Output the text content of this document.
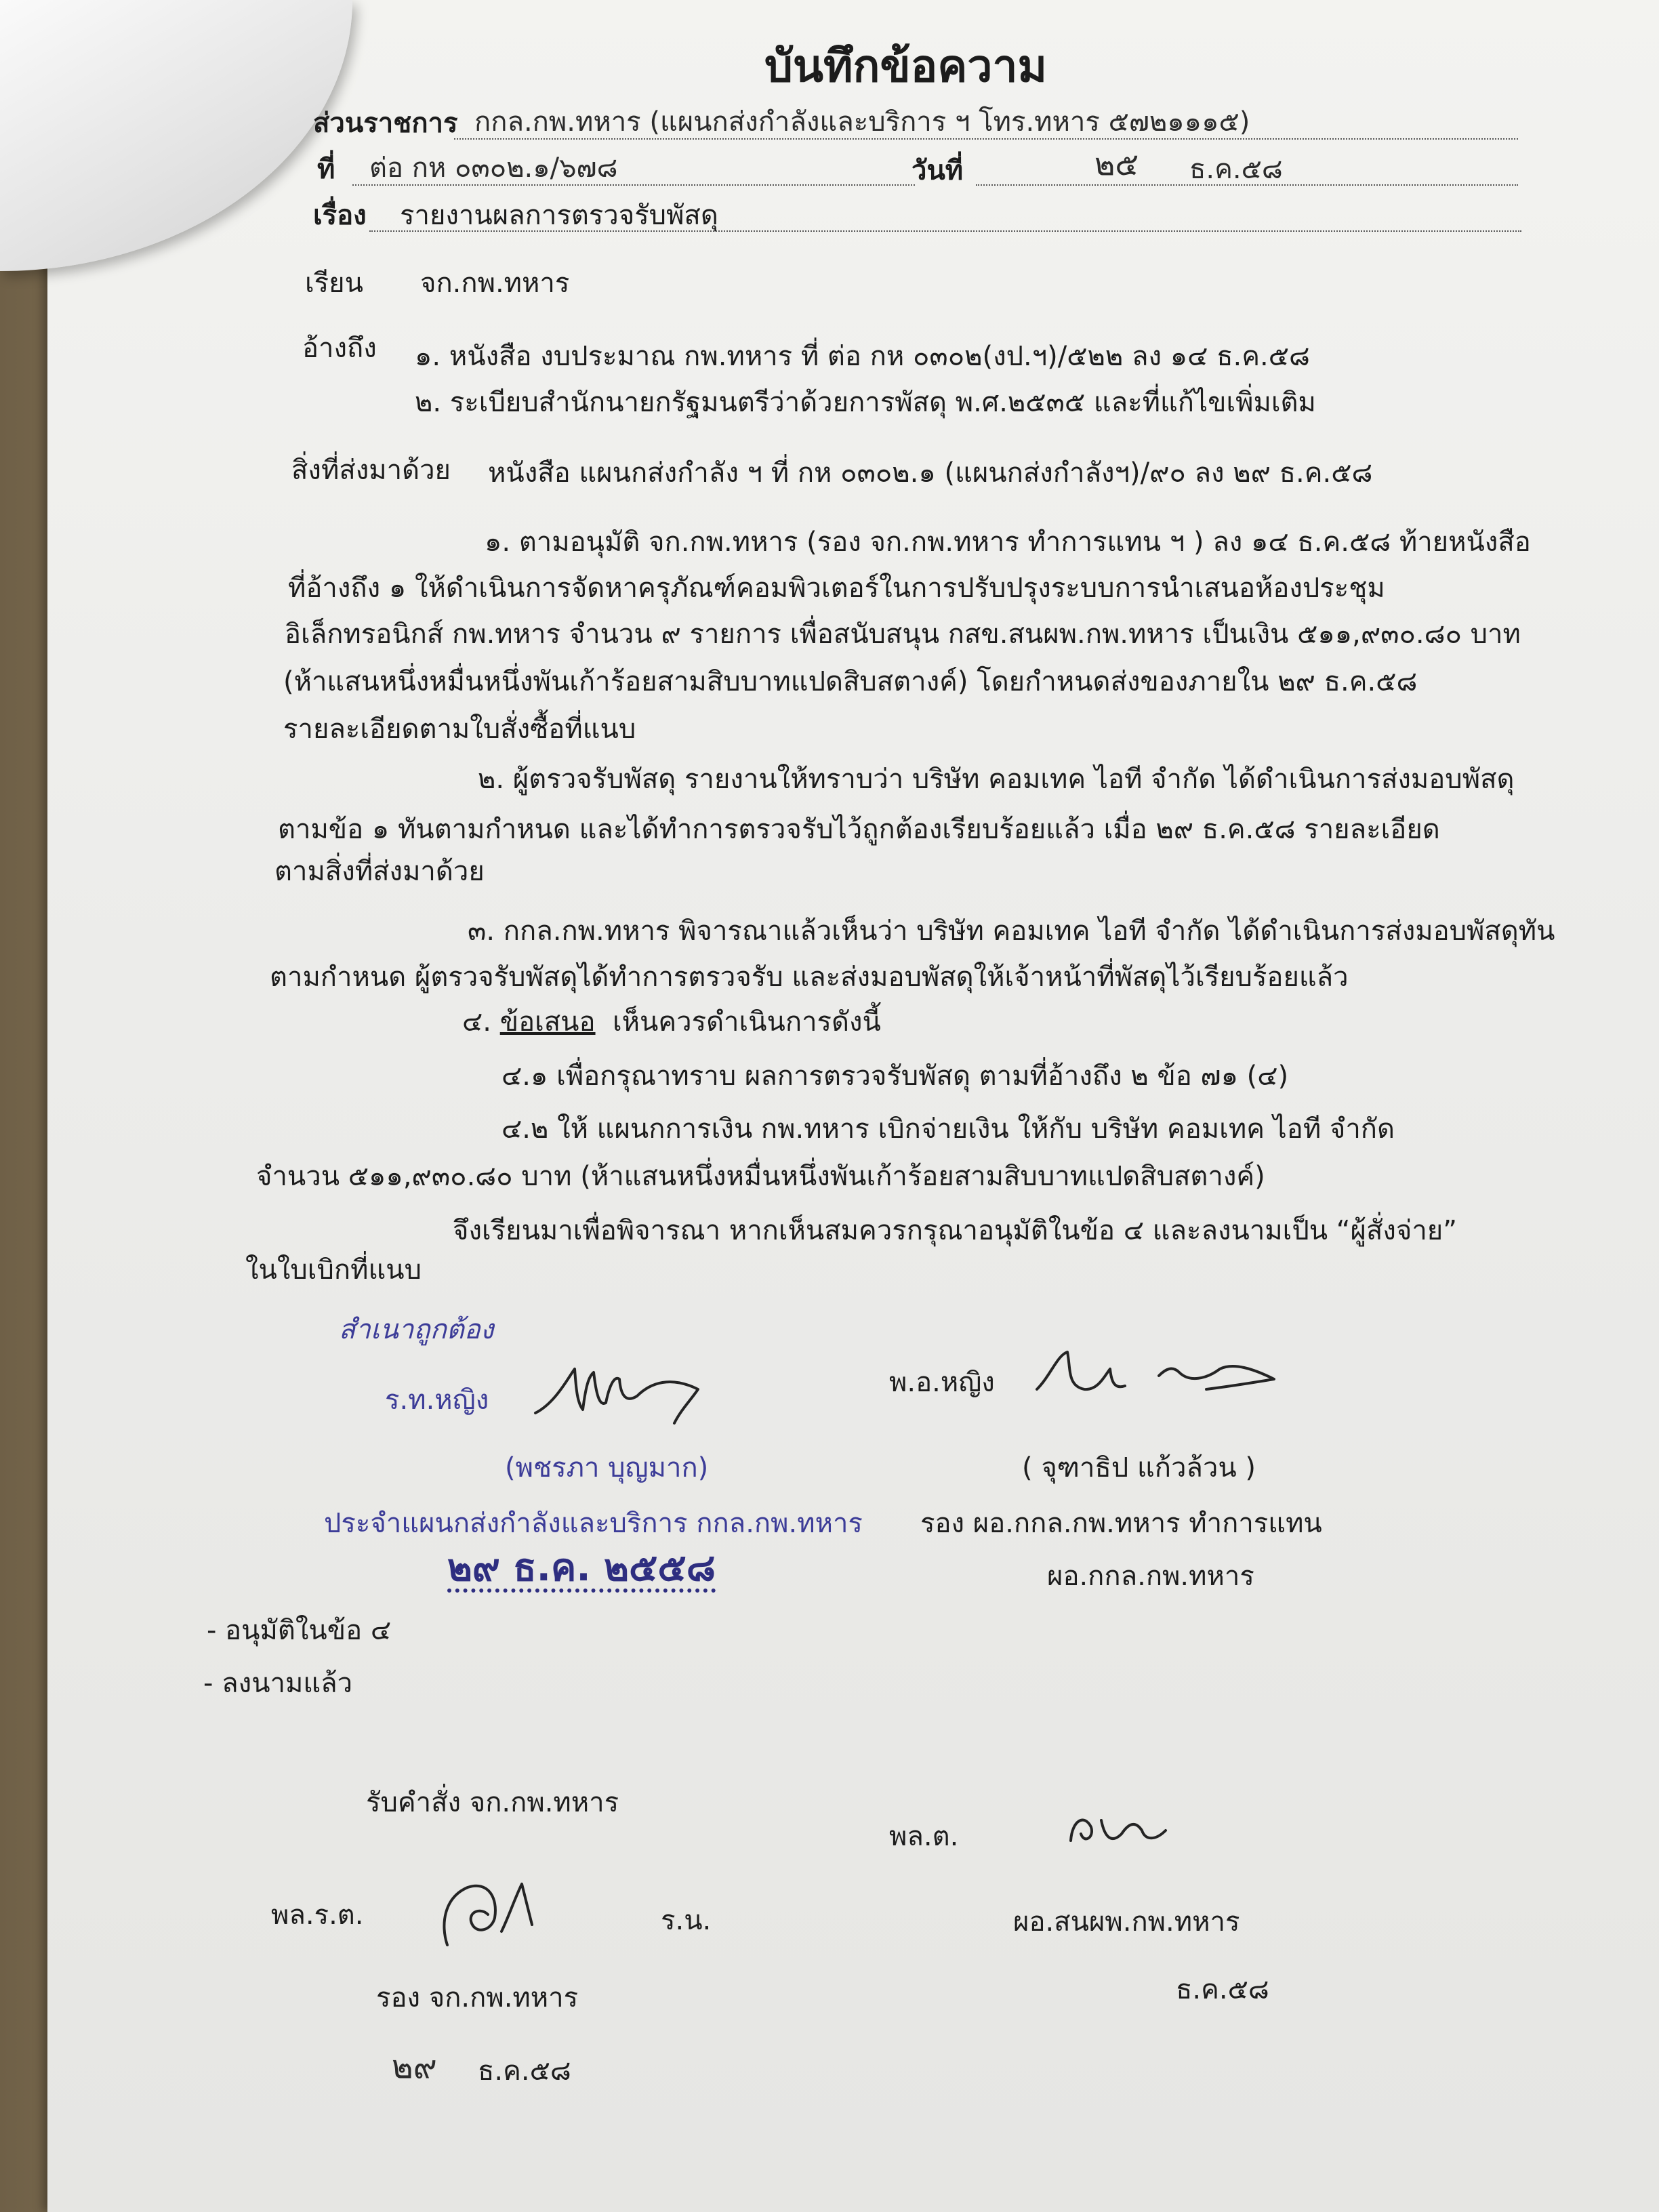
บันทึกข้อความ
ส่วนราชการ กกล.กพ.ทหาร (แผนกส่งกำลังและบริการ ฯ โทร.ทหาร ๕๗๒๑๑๑๕)
ที่ ต่อ กห ๐๓๐๒.๑/๖๗๘	วันที่	๒๕ ธ.ค.๕๘
เรื่อง รายงานผลการตรวจรับพัสดุ
เรียน จก.กพ.ทหาร
อ้างถึง ๑. หนังสือ งบประมาณ กพ.ทหาร ที่ ต่อ กห ๐๓๐๒(งป.ฯ)/๕๒๒ ลง ๑๔ ธ.ค.๕๘
๒. ระเบียบสำนักนายกรัฐมนตรีว่าด้วยการพัสดุ พ.ศ.๒๕๓๕ และที่แก้ไขเพิ่มเติม
สิ่งที่ส่งมาด้วย หนังสือ แผนกส่งกำลัง ฯ ที่ กห ๐๓๐๒.๑ (แผนกส่งกำลังฯ)/๙๐ ลง ๒๙ ธ.ค.๕๘
๑. ตามอนุมัติ จก.กพ.ทหาร (รอง จก.กพ.ทหาร ทำการแทน ฯ ) ลง ๑๔ ธ.ค.๕๘ ท้ายหนังสือ
ที่อ้างถึง ๑ ให้ดำเนินการจัดหาครุภัณฑ์คอมพิวเตอร์ในการปรับปรุงระบบการนำเสนอห้องประชุม
อิเล็กทรอนิกส์ กพ.ทหาร จำนวน ๙ รายการ เพื่อสนับสนุน กสข.สนผพ.กพ.ทหาร เป็นเงิน ๕๑๑,๙๓๐.๘๐ บาท
(ห้าแสนหนึ่งหมื่นหนึ่งพันเก้าร้อยสามสิบบาทแปดสิบสตางค์) โดยกำหนดส่งของภายใน ๒๙ ธ.ค.๕๘
รายละเอียดตามใบสั่งซื้อที่แนบ
๒. ผู้ตรวจรับพัสดุ รายงานให้ทราบว่า บริษัท คอมเทค ไอที จำกัด ได้ดำเนินการส่งมอบพัสดุ
ตามข้อ ๑ ทันตามกำหนด และได้ทำการตรวจรับไว้ถูกต้องเรียบร้อยแล้ว เมื่อ ๒๙ ธ.ค.๕๘ รายละเอียด
ตามสิ่งที่ส่งมาด้วย
๓. กกล.กพ.ทหาร พิจารณาแล้วเห็นว่า บริษัท คอมเทค ไอที จำกัด ได้ดำเนินการส่งมอบพัสดุทัน
ตามกำหนด ผู้ตรวจรับพัสดุได้ทำการตรวจรับ และส่งมอบพัสดุให้เจ้าหน้าที่พัสดุไว้เรียบร้อยแล้ว
๔. ข้อเสนอ เห็นควรดำเนินการดังนี้
๔.๑ เพื่อกรุณาทราบ ผลการตรวจรับพัสดุ ตามที่อ้างถึง ๒ ข้อ ๗๑ (๔)
๔.๒ ให้ แผนกการเงิน กพ.ทหาร เบิกจ่ายเงิน ให้กับ บริษัท คอมเทค ไอที จำกัด
จำนวน ๕๑๑,๙๓๐.๘๐ บาท (ห้าแสนหนึ่งหมื่นหนึ่งพันเก้าร้อยสามสิบบาทแปดสิบสตางค์)
จึงเรียนมาเพื่อพิจารณา หากเห็นสมควรกรุณาอนุมัติในข้อ ๔ และลงนามเป็น “ผู้สั่งจ่าย”
ในใบเบิกที่แนบ
สำเนาถูกต้อง
ร.ท.หญิง
(พชรภา บุญมาก)
ประจำแผนกส่งกำลังและบริการ กกล.กพ.ทหาร
๒๙ ธ.ค. ๒๕๕๘
พ.อ.หญิง
( จุฑาธิป แก้วล้วน )
รอง ผอ.กกล.กพ.ทหาร ทำการแทน
ผอ.กกล.กพ.ทหาร
- อนุมัติในข้อ ๔
- ลงนามแล้ว
รับคำสั่ง จก.กพ.ทหาร
พล.ร.ต.	ร.น.
รอง จก.กพ.ทหาร
๒๙ ธ.ค.๕๘
พล.ต.
ผอ.สนผพ.กพ.ทหาร
ธ.ค.๕๘
